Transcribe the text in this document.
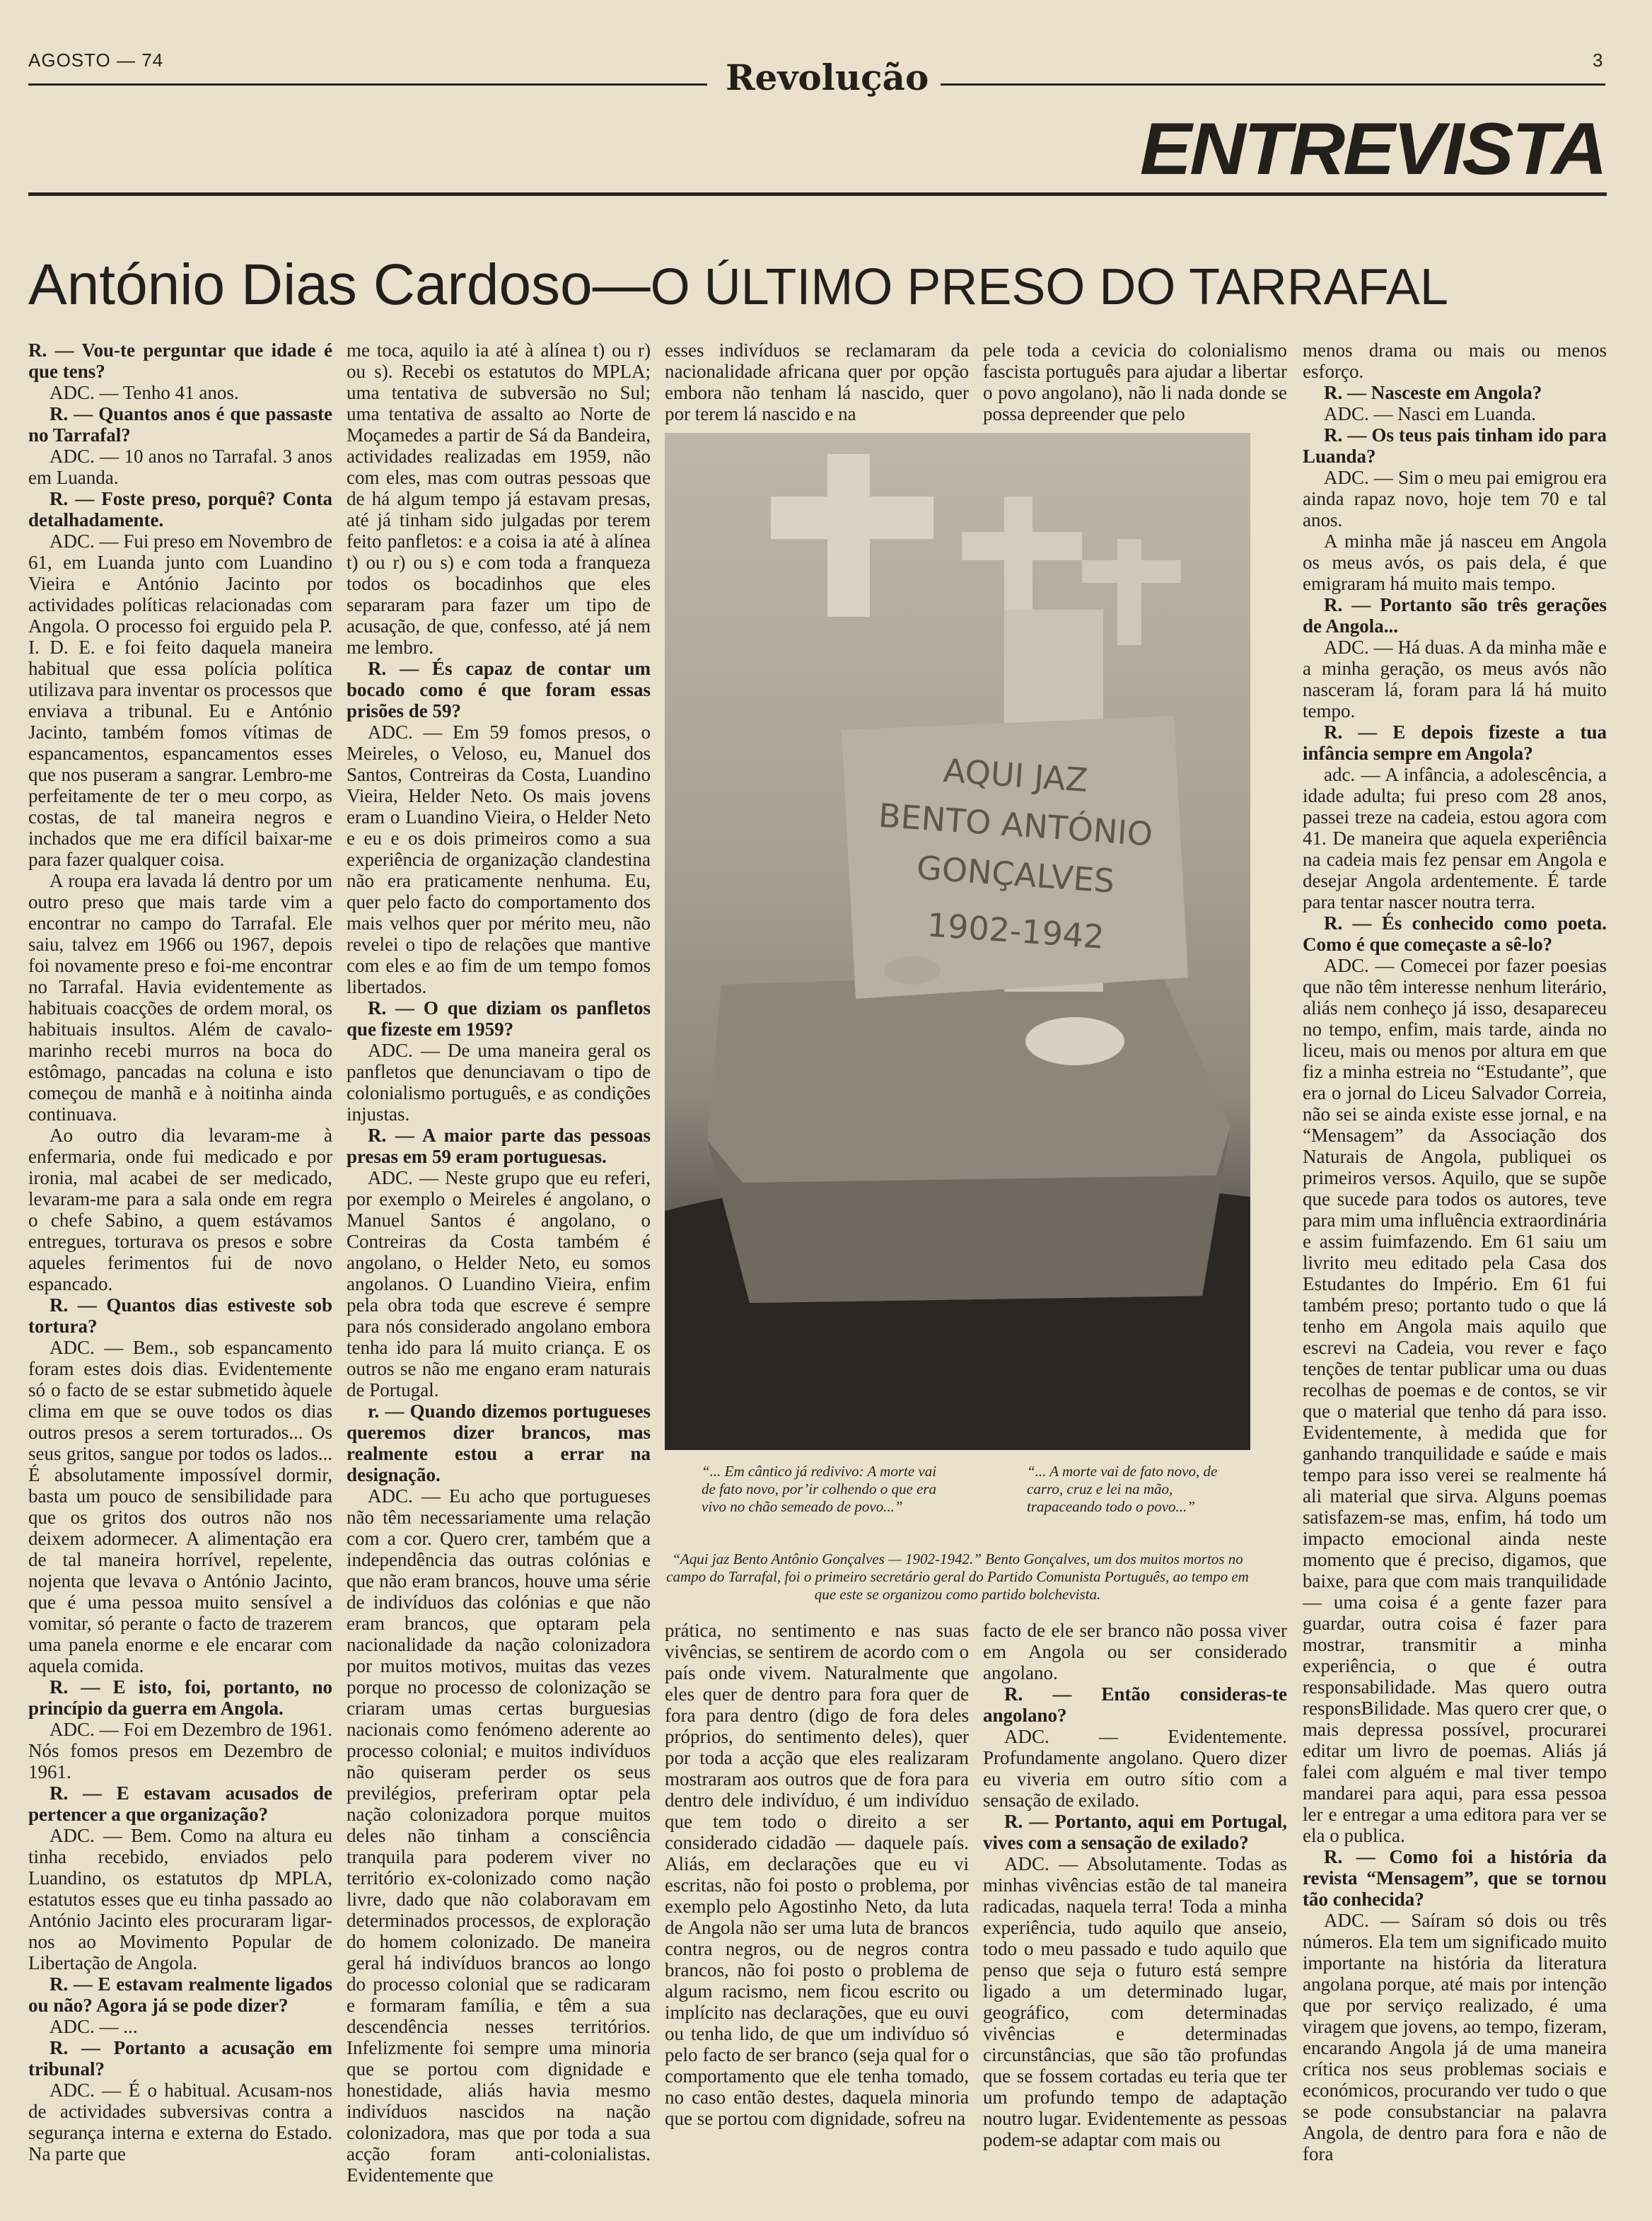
AGOSTO — 74	Revolução	3
ENTREVISTA
António Dias Cardoso—O ÚLTIMO PRESO DO TARRAFAL

R. — Vou-te perguntar que idade é que tens?

ADC. — Tenho 41 anos.

R. — Quantos anos é que passaste no Tarrafal?

ADC. — 10 anos no Tarrafal. 3 anos em Luanda.

R. — Foste preso, porquê? Conta detalhadamente.

ADC. — Fui preso em Novembro de 61, em Luanda junto com Luandino Vieira e António Jacinto por actividades políticas relacionadas com Angola. O processo foi erguido pela P. I. D. E. e foi feito daquela maneira habitual que essa polícia política utilizava para inventar os processos que enviava a tribunal. Eu e António Jacinto, também fomos vítimas de espancamentos, espancamentos esses que nos puseram a sangrar. Lembro-me perfeitamente de ter o meu corpo, as costas, de tal maneira negros e inchados que me era difícil baixar-me para fazer qualquer coisa.

A roupa era lavada lá dentro por um outro preso que mais tarde vim a encontrar no campo do Tarrafal. Ele saiu, talvez em 1966 ou 1967, depois foi novamente preso e foi-me encontrar no Tarrafal. Havia evidentemente as habituais coacções de ordem moral, os habituais insultos. Além de cavalo-marinho recebi murros na boca do estômago, pancadas na coluna e isto começou de manhã e à noitinha ainda continuava.

Ao outro dia levaram-me à enfermaria, onde fui medicado e por ironia, mal acabei de ser medicado, levaram-me para a sala onde em regra o chefe Sabino, a quem estávamos entregues, torturava os presos e sobre aqueles ferimentos fui de novo espancado.

R. — Quantos dias estiveste sob tortura?

ADC. — Bem., sob espancamento foram estes dois dias. Evidentemente só o facto de se estar submetido àquele clima em que se ouve todos os dias outros presos a serem torturados... Os seus gritos, sangue por todos os lados... É absolutamente impossível dormir, basta um pouco de sensibilidade para que os gritos dos outros não nos deixem adormecer. A alimentação era de tal maneira horrível, repelente, nojenta que levava o António Jacinto, que é uma pessoa muito sensível a vomitar, só perante o facto de trazerem uma panela enorme e ele encarar com aquela comida.

R. — E isto, foi, portanto, no princípio da guerra em Angola.

ADC. — Foi em Dezembro de 1961. Nós fomos presos em Dezembro de 1961.

R. — E estavam acusados de pertencer a que organização?

ADC. — Bem. Como na altura eu tinha recebido, enviados pelo Luandino, os estatutos dp MPLA, estatutos esses que eu tinha passado ao António Jacinto eles procuraram ligar-nos ao Movimento Popular de Libertação de Angola.

R. — E estavam realmente ligados ou não? Agora já se pode dizer?

ADC. — ...

R. — Portanto a acusação em tribunal?

ADC. — É o habitual. Acusam-nos de actividades subversivas contra a segurança interna e externa do Estado. Na parte que

me toca, aquilo ia até à alínea t) ou r) ou s). Recebi os estatutos do MPLA; uma tentativa de subversão no Sul; uma tentativa de assalto ao Norte de Moçamedes a partir de Sá da Bandeira, actividades realizadas em 1959, não com eles, mas com outras pessoas que de há algum tempo já estavam presas, até já tinham sido julgadas por terem feito panfletos: e a coisa ia até à alínea t) ou r) ou s) e com toda a franqueza todos os bocadinhos que eles separaram para fazer um tipo de acusação, de que, confesso, até já nem me lembro.

R. — És capaz de contar um bocado como é que foram essas prisões de 59?

ADC. — Em 59 fomos presos, o Meireles, o Veloso, eu, Manuel dos Santos, Contreiras da Costa, Luandino Vieira, Helder Neto. Os mais jovens eram o Luandino Vieira, o Helder Neto e eu e os dois primeiros como a sua experiência de organização clandestina não era praticamente nenhuma. Eu, quer pelo facto do comportamento dos mais velhos quer por mérito meu, não revelei o tipo de relações que mantive com eles e ao fim de um tempo fomos libertados.

R. — O que diziam os panfletos que fizeste em 1959?

ADC. — De uma maneira geral os panfletos que denunciavam o tipo de colonialismo português, e as condições injustas.

R. — A maior parte das pessoas presas em 59 eram portuguesas.

ADC. — Neste grupo que eu referi, por exemplo o Meireles é angolano, o Manuel Santos é angolano, o Contreiras da Costa também é angolano, o Helder Neto, eu somos angolanos. O Luandino Vieira, enfim pela obra toda que escreve é sempre para nós considerado angolano embora tenha ido para lá muito criança. E os outros se não me engano eram naturais de Portugal.

r. — Quando dizemos portugueses queremos dizer brancos, mas realmente estou a errar na designação.

ADC. — Eu acho que portugueses não têm necessariamente uma relação com a cor. Quero crer, também que a independência das outras colónias e que não eram brancos, houve uma série de indivíduos das colónias e que não eram brancos, que optaram pela nacionalidade da nação colonizadora por muitos motivos, muitas das vezes porque no processo de colonização se criaram umas certas burguesias nacionais como fenómeno aderente ao processo colonial; e muitos indivíduos não quiseram perder os seus previlégios, preferiram optar pela nação colonizadora porque muitos deles não tinham a consciência tranquila para poderem viver no território ex-colonizado como nação livre, dado que não colaboravam em determinados processos, de exploração do homem colonizado. De maneira geral há indivíduos brancos ao longo do processo colonial que se radicaram e formaram família, e têm a sua descendência nesses territórios. Infelizmente foi sempre uma minoria que se portou com dignidade e honestidade, aliás havia mesmo indivíduos nascidos na nação colonizadora, mas que por toda a sua acção foram anti-colonialistas. Evidentemente que

esses indivíduos se reclamaram da nacionalidade africana quer por opção embora não tenham lá nascido, quer por terem lá nascido e na

pele toda a cevicia do colonialismo fascista português para ajudar a libertar o povo angolano), não li nada donde se possa depreender que pelo

AQUI JAZ
BENTO ANTÓNIO
GONÇALVES
1902-1942
“... Em cântico já redivivo: A morte vai de fato novo, por’ir colhendo o que era vivo no chão semeado de povo...”
“... A morte vai de fato novo, de carro, cruz e lei na mão, trapaceando todo o povo...”
“Aqui jaz Bento Antônio Gonçalves — 1902-1942.” Bento Gonçalves, um dos muitos mortos no campo do Tarrafal, foi o primeiro secretário geral do Partido Comunista Português, ao tempo em que este se organizou como partido bolchevista.

prática, no sentimento e nas suas vivências, se sentirem de acordo com o país onde vivem. Naturalmente que eles quer de dentro para fora quer de fora para dentro (digo de fora deles próprios, do sentimento deles), quer por toda a acção que eles realizaram mostraram aos outros que de fora para dentro dele indivíduo, é um indivíduo que tem todo o direito a ser considerado cidadão — daquele país. Aliás, em declarações que eu vi escritas, não foi posto o problema, por exemplo pelo Agostinho Neto, da luta de Angola não ser uma luta de brancos contra negros, ou de negros contra brancos, não foi posto o problema de algum racismo, nem ficou escrito ou implícito nas declarações, que eu ouvi ou tenha lido, de que um indivíduo só pelo facto de ser branco (seja qual for o comportamento que ele tenha tomado, no caso então destes, daquela minoria que se portou com dignidade, sofreu na

facto de ele ser branco não possa viver em Angola ou ser considerado angolano.

R. — Então consideras-te angolano?

ADC. — Evidentemente. Profundamente angolano. Quero dizer eu viveria em outro sítio com a sensação de exilado.

R. — Portanto, aqui em Portugal, vives com a sensação de exilado?

ADC. — Absolutamente. Todas as minhas vivências estão de tal maneira radicadas, naquela terra! Toda a minha experiência, tudo aquilo que anseio, todo o meu passado e tudo aquilo que penso que seja o futuro está sempre ligado a um determinado lugar, geográfico, com determinadas vivências e determinadas circunstâncias, que são tão profundas que se fossem cortadas eu teria que ter um profundo tempo de adaptação noutro lugar. Evidentemente as pessoas podem-se adaptar com mais ou

menos drama ou mais ou menos esforço.

R. — Nasceste em Angola?

ADC. — Nasci em Luanda.

R. — Os teus pais tinham ido para Luanda?

ADC. — Sim o meu pai emigrou era ainda rapaz novo, hoje tem 70 e tal anos.

A minha mãe já nasceu em Angola os meus avós, os pais dela, é que emigraram há muito mais tempo.

R. — Portanto são três gerações de Angola...

ADC. — Há duas. A da minha mãe e a minha geração, os meus avós não nasceram lá, foram para lá há muito tempo.

R. — E depois fizeste a tua infância sempre em Angola?

adc. — A infância, a adolescência, a idade adulta; fui preso com 28 anos, passei treze na cadeia, estou agora com 41. De maneira que aquela experiência na cadeia mais fez pensar em Angola e desejar Angola ardentemente. É tarde para tentar nascer noutra terra.

R. — És conhecido como poeta. Como é que começaste a sê-lo?

ADC. — Comecei por fazer poesias que não têm interesse nenhum literário, aliás nem conheço já isso, desapareceu no tempo, enfim, mais tarde, ainda no liceu, mais ou menos por altura em que fiz a minha estreia no “Estudante”, que era o jornal do Liceu Salvador Correia, não sei se ainda existe esse jornal, e na “Mensagem” da Associação dos Naturais de Angola, publiquei os primeiros versos. Aquilo, que se supõe que sucede para todos os autores, teve para mim uma influência extraordinária e assim fuimfazendo. Em 61 saiu um livrito meu editado pela Casa dos Estudantes do Império. Em 61 fui também preso; portanto tudo o que lá tenho em Angola mais aquilo que escrevi na Cadeia, vou rever e faço tenções de tentar publicar uma ou duas recolhas de poemas e de contos, se vir que o material que tenho dá para isso. Evidentemente, à medida que for ganhando tranquilidade e saúde e mais tempo para isso verei se realmente há ali material que sirva. Alguns poemas satisfazem-se mas, enfim, há todo um impacto emocional ainda neste momento que é preciso, digamos, que baixe, para que com mais tranquilidade — uma coisa é a gente fazer para guardar, outra coisa é fazer para mostrar, transmitir a minha experiência, o que é outra responsabilidade. Mas quero outra responsBilidade. Mas quero crer que, o mais depressa possível, procurarei editar um livro de poemas. Aliás já falei com alguém e mal tiver tempo mandarei para aqui, para essa pessoa ler e entregar a uma editora para ver se ela o publica.

R. — Como foi a história da revista “Mensagem”, que se tornou tão conhecida?

ADC. — Saíram só dois ou três números. Ela tem um significado muito importante na história da literatura angolana porque, até mais por intenção que por serviço realizado, é uma viragem que jovens, ao tempo, fizeram, encarando Angola já de uma maneira crítica nos seus problemas sociais e económicos, procurando ver tudo o que se pode consubstanciar na palavra Angola, de dentro para fora e não de fora
